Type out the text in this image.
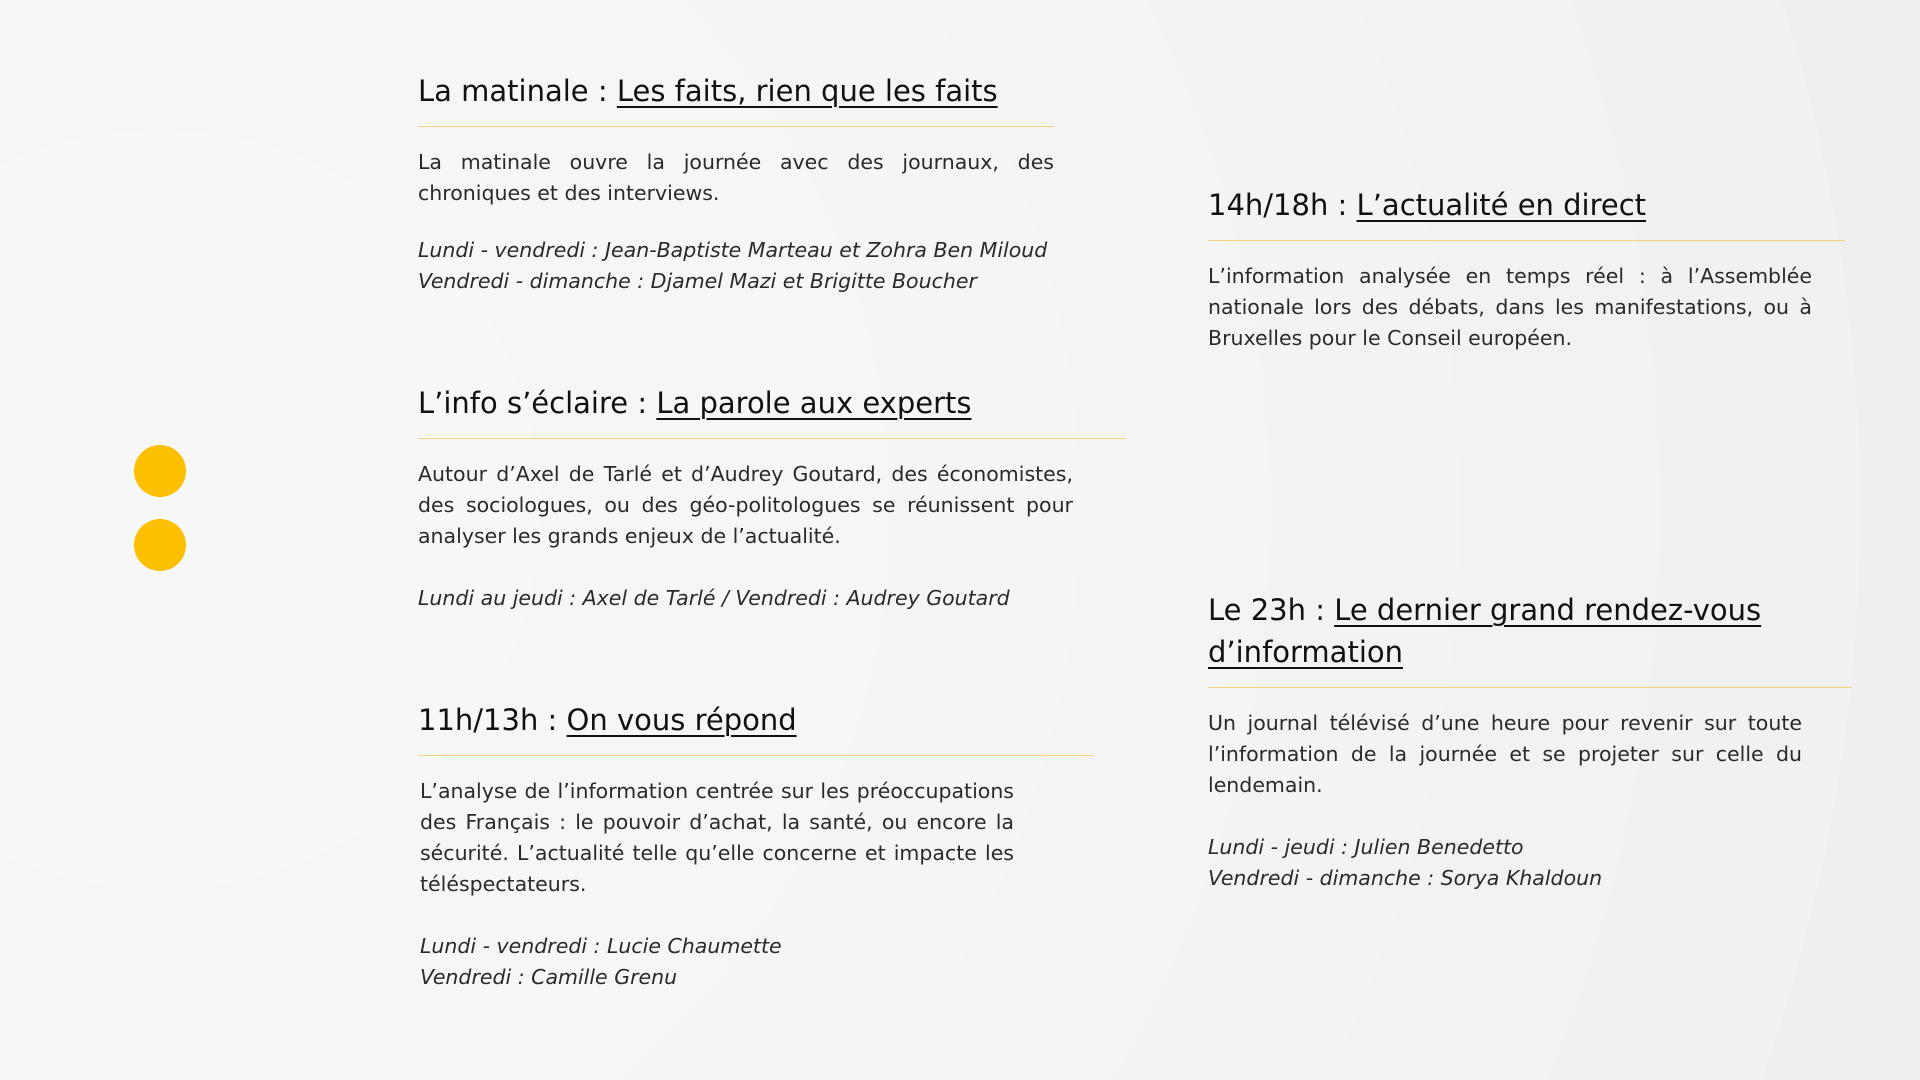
La matinale : Les faits, rien que les faits

La matinale ouvre la journée avec des journaux, des chroniques et des interviews.

Lundi - vendredi : Jean-Baptiste Marteau et Zohra Ben Miloud

Vendredi - dimanche : Djamel Mazi et Brigitte Boucher

L’info s’éclaire : La parole aux experts

Autour d’Axel de Tarlé et d’Audrey Goutard, des économistes, des sociologues, ou des géo-politologues se réunissent pour analyser les grands enjeux de l’actualité.

Lundi au jeudi : Axel de Tarlé / Vendredi : Audrey Goutard

11h/13h : On vous répond

L’analyse de l’information centrée sur les préoccupations des Français : le pouvoir d’achat, la santé, ou encore la sécurité. L’actualité telle qu’elle concerne et impacte les téléspectateurs.

Lundi - vendredi : Lucie Chaumette

Vendredi : Camille Grenu

14h/18h : L’actualité en direct

L’information analysée en temps réel : à l’Assemblée nationale lors des débats, dans les manifestations, ou à Bruxelles pour le Conseil européen.

Le 23h : Le dernier grand rendez-vous d’information

Un journal télévisé d’une heure pour revenir sur toute l’information de la journée et se projeter sur celle du lendemain.

Lundi - jeudi : Julien Benedetto

Vendredi - dimanche : Sorya Khaldoun
